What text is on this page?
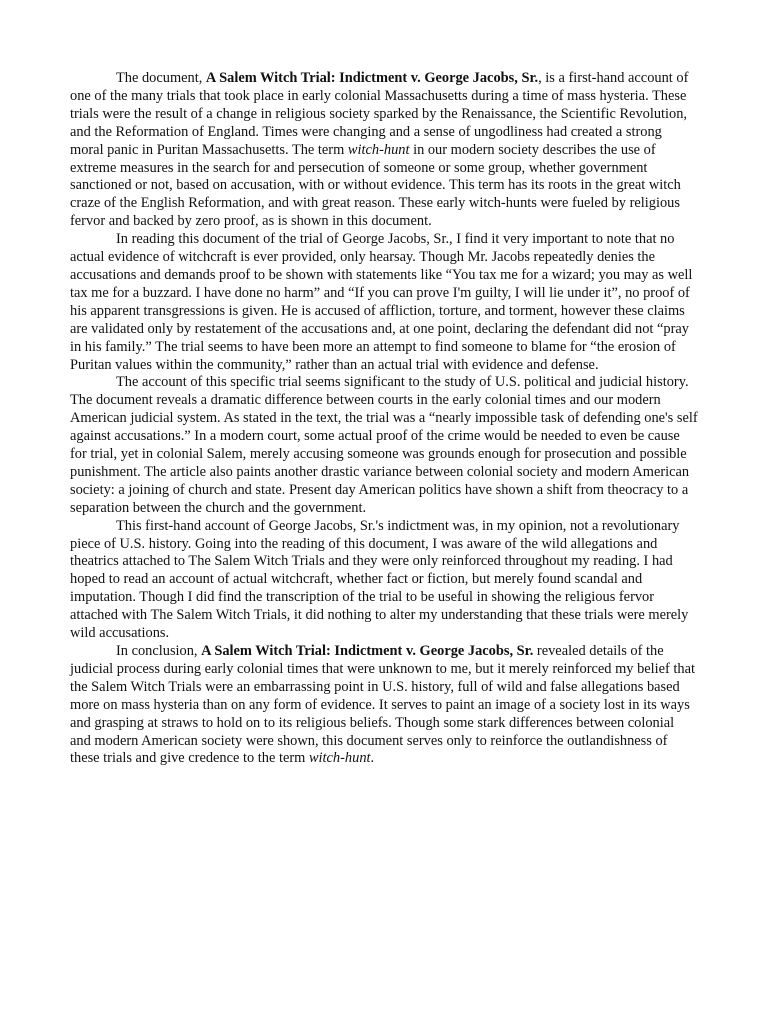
The document, A Salem Witch Trial: Indictment v. George Jacobs, Sr., is a first-hand account of one of the many trials that took place in early colonial Massachusetts during a time of mass hysteria. These trials were the result of a change in religious society sparked by the Renaissance, the Scientific Revolution, and the Reformation of England. Times were changing and a sense of ungodliness had created a strong moral panic in Puritan Massachusetts. The term witch-hunt in our modern society describes the use of extreme measures in the search for and persecution of someone or some group, whether government sanctioned or not, based on accusation, with or without evidence. This term has its roots in the great witch craze of the English Reformation, and with great reason. These early witch-hunts were fueled by religious fervor and backed by zero proof, as is shown in this document.

In reading this document of the trial of George Jacobs, Sr., I find it very important to note that no actual evidence of witchcraft is ever provided, only hearsay. Though Mr. Jacobs repeatedly denies the accusations and demands proof to be shown with statements like “You tax me for a wizard; you may as well tax me for a buzzard. I have done no harm” and “If you can prove I'm guilty, I will lie under it”, no proof of his apparent transgressions is given. He is accused of affliction, torture, and torment, however these claims are validated only by restatement of the accusations and, at one point, declaring the defendant did not “pray in his family.” The trial seems to have been more an attempt to find someone to blame for “the erosion of Puritan values within the community,” rather than an actual trial with evidence and defense.

The account of this specific trial seems significant to the study of U.S. political and judicial history. The document reveals a dramatic difference between courts in the early colonial times and our modern American judicial system. As stated in the text, the trial was a “nearly impossible task of defending one's self against accusations.” In a modern court, some actual proof of the crime would be needed to even be cause for trial, yet in colonial Salem, merely accusing someone was grounds enough for prosecution and possible punishment. The article also paints another drastic variance between colonial society and modern American society: a joining of church and state. Present day American politics have shown a shift from theocracy to a separation between the church and the government.

This first-hand account of George Jacobs, Sr.'s indictment was, in my opinion, not a revolutionary piece of U.S. history. Going into the reading of this document, I was aware of the wild allegations and theatrics attached to The Salem Witch Trials and they were only reinforced throughout my reading. I had hoped to read an account of actual witchcraft, whether fact or fiction, but merely found scandal and imputation. Though I did find the transcription of the trial to be useful in showing the religious fervor attached with The Salem Witch Trials, it did nothing to alter my understanding that these trials were merely wild accusations.

In conclusion, A Salem Witch Trial: Indictment v. George Jacobs, Sr. revealed details of the judicial process during early colonial times that were unknown to me, but it merely reinforced my belief that the Salem Witch Trials were an embarrassing point in U.S. history, full of wild and false allegations based more on mass hysteria than on any form of evidence. It serves to paint an image of a society lost in its ways and grasping at straws to hold on to its religious beliefs. Though some stark differences between colonial and modern American society were shown, this document serves only to reinforce the outlandishness of these trials and give credence to the term witch-hunt.
